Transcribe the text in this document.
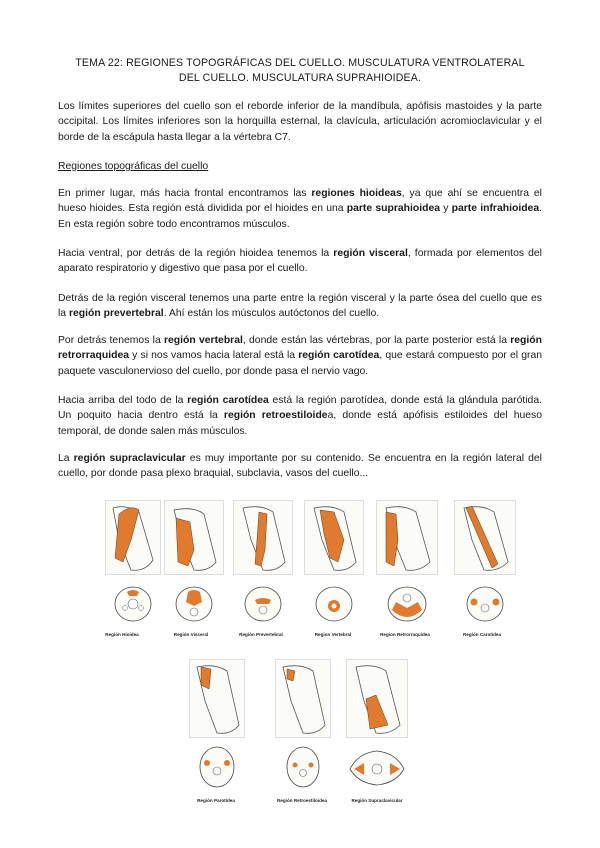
TEMA 22: REGIONES TOPOGRÁFICAS DEL CUELLO. MUSCULATURA VENTROLATERAL
DEL CUELLO. MUSCULATURA SUPRAHIOIDEA.
Los límites superiores del cuello son el reborde inferior de la mandíbula, apófisis mastoides y la parte occipital. Los límites inferiores son la horquilla esternal, la clavícula, articulación acromioclavicular y el borde de la escápula hasta llegar a la vértebra C7.
Regiones topográficas del cuello
En primer lugar, más hacia frontal encontramos las regiones hioideas, ya que ahí se encuentra el hueso hioides. Esta región está dividida por el hioides en una parte suprahioidea y parte infrahioidea. En esta región sobre todo encontramos músculos.
Hacia ventral, por detrás de la región hioidea tenemos la región visceral, formada por elementos del aparato respiratorio y digestivo que pasa por el cuello.
Detrás de la región visceral tenemos una parte entre la región visceral y la parte ósea del cuello que es la región prevertebral. Ahí están los músculos autóctonos del cuello.
Por detrás tenemos la región vertebral, donde están las vértebras, por la parte posterior está la región retrorraquidea y si nos vamos hacia lateral está la región carotídea, que estará compuesto por el gran paquete vasculonervioso del cuello, por donde pasa el nervio vago.
Hacia arriba del todo de la región carotídea está la región parotídea, donde está la glándula parótida. Un poquito hacia dentro está la región retroestiloidea, donde está apófisis estiloides del hueso temporal, de donde salen más músculos.
La región supraclavicular es muy importante por su contenido. Se encuentra en la región lateral del cuello, por donde pasa plexo braquial, subclavia, vasos del cuello...
Región Hioidea	Región Visceral	Región Prevertebral	Region Vertebral	Region Retrorraquidea	Región Carotídea
Región Parotídea	Región Retroestiloidea	Región Supraclavicular
